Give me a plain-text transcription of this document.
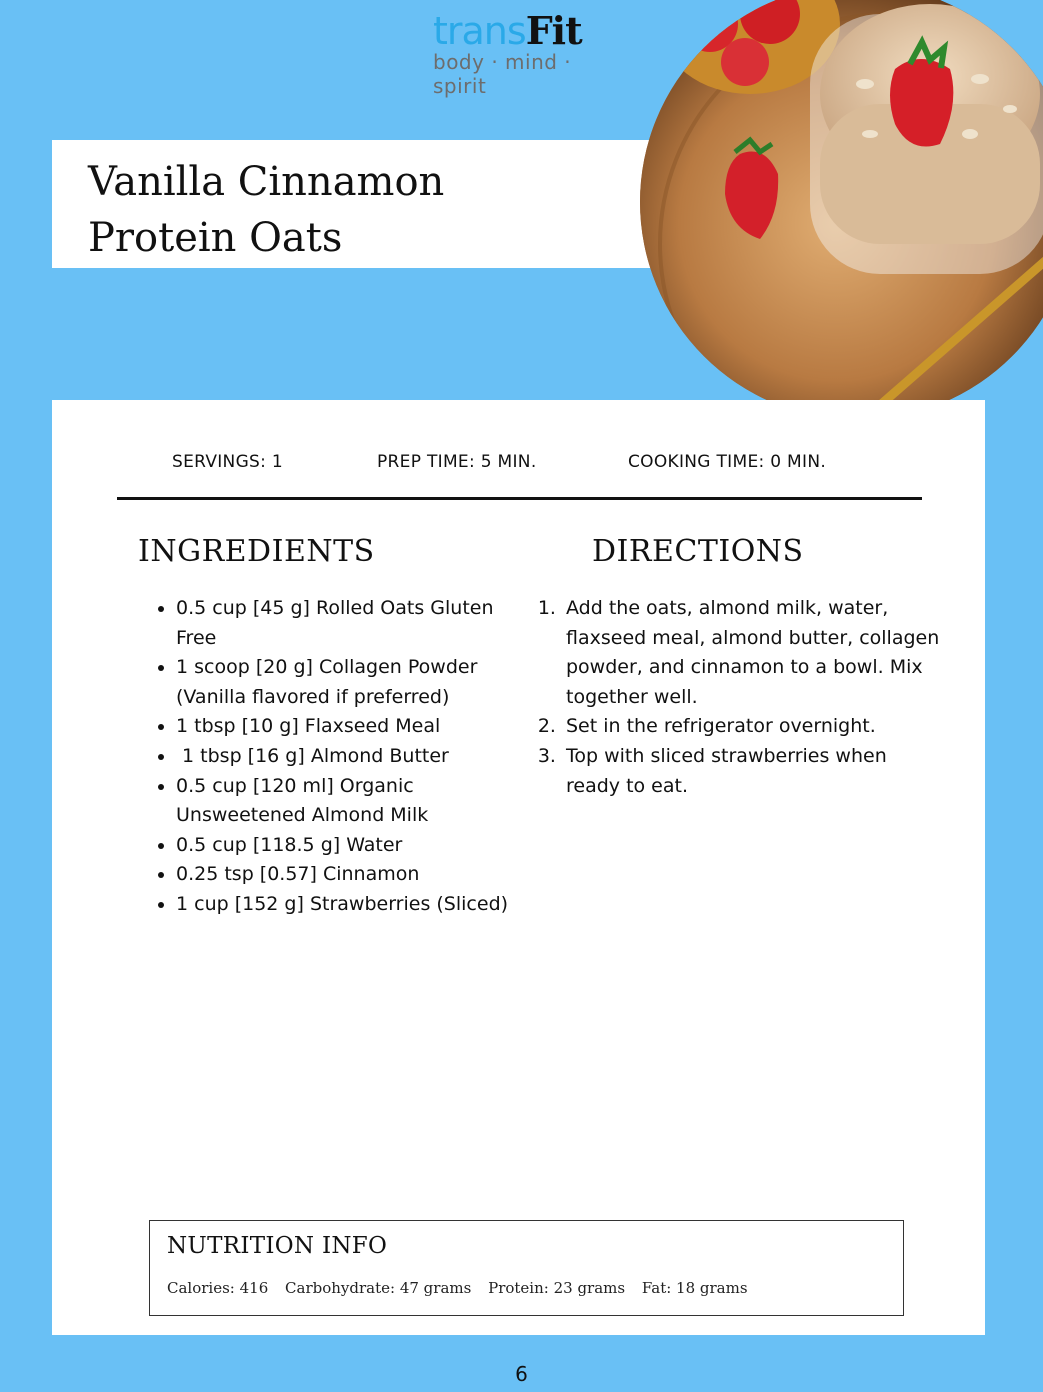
transFit
body · mind · spirit
Vanilla Cinnamon
Protein Oats
SERVINGS: 1	PREP TIME: 5 MIN.	COOKING TIME: 0 MIN.
INGREDIENTS	DIRECTIONS
• 0.5 cup [45 g] Rolled Oats Gluten Free
• 1 scoop [20 g] Collagen Powder (Vanilla flavored if preferred)
• 1 tbsp [10 g] Flaxseed Meal
•  1 tbsp [16 g] Almond Butter
• 0.5 cup [120 ml] Organic Unsweetened Almond Milk
• 0.5 cup [118.5 g] Water
• 0.25 tsp [0.57] Cinnamon
• 1 cup [152 g] Strawberries (Sliced)
1. Add the oats, almond milk, water, flaxseed meal, almond butter, collagen powder, and cinnamon to a bowl. Mix together well.
2. Set in the refrigerator overnight.
3. Top with sliced strawberries when ready to eat.
NUTRITION INFO
Calories: 416 Carbohydrate: 47 grams Protein: 23 grams Fat: 18 grams
6
